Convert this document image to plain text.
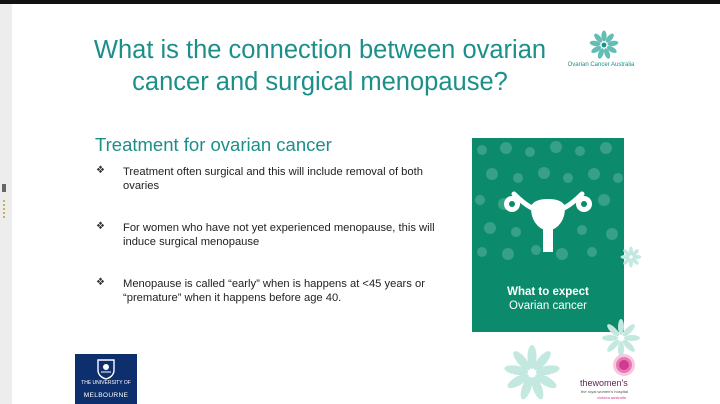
What is the connection between ovarian cancer and surgical menopause?
Ovarian Cancer Australia
Treatment for ovarian cancer
❖ Treatment often surgical and this will include removal of both ovaries
❖ For women who have not yet experienced menopause, this will induce surgical menopause
❖ Menopause is called “early” when is happens at <45 years or “premature” when it happens before age 40.	What to expect
Ovarian cancer
THE UNIVERSITY OF
MELBOURNE
thewomen's
the royal women's hospital
victoria australia
